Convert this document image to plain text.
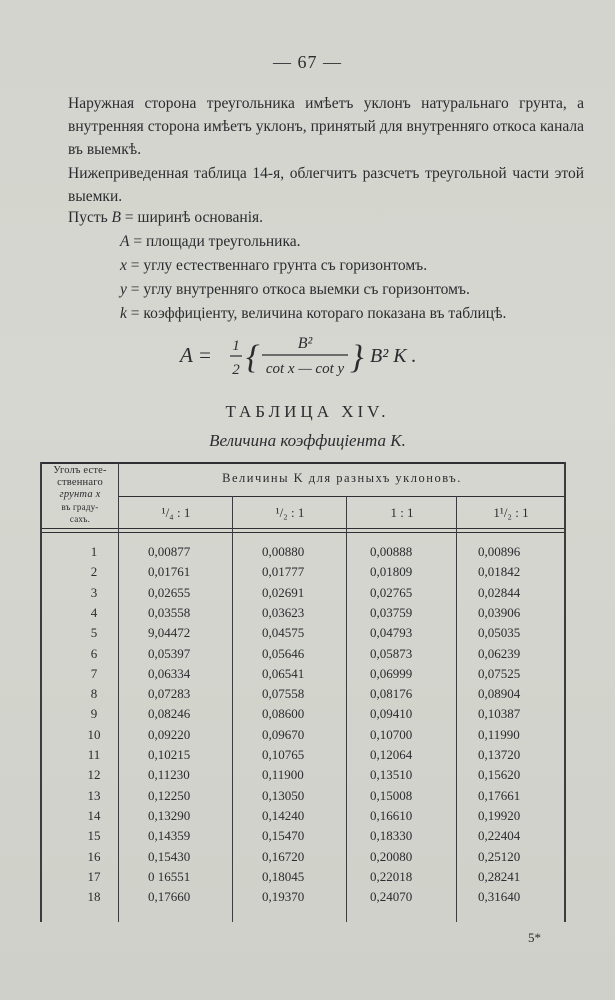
— 67 —
Наружная сторона треугольника имѣетъ уклонъ натуральнаго грунта, а внутренняя сторона имѣетъ уклонъ, принятый для внутренняго откоса канала въ выемкѣ.
Нижеприведенная таблица 14-я, облегчитъ разсчетъ треугольной части этой выемки.
Пусть B = ширинѣ основанія.
A = площади треугольника.
x = углу естественнаго грунта съ горизонтомъ.
y = углу внутренняго откоса выемки съ горизонтомъ.
k = коэффиціенту, величина котораго показана въ таблицѣ.
A = 1
2 { B²
cot x — cot y } B² K .
ТАБЛИЦА XIV.
Величина коэффиціента K.
Уголъ есте-
ственнаго
грунта x
въ граду-
сахъ.
Величины K для разныхъ уклоновъ.
¹/₄ : 1	¹/₂ : 1	1 : 1	1¹/₂ : 1
1	0,00877	0,00880	0,00888	0,00896
2	0,01761	0,01777	0,01809	0,01842
3	0,02655	0,02691	0,02765	0,02844
4	0,03558	0,03623	0,03759	0,03906
5	9,04472	0,04575	0,04793	0,05035
6	0,05397	0,05646	0,05873	0,06239
7	0,06334	0,06541	0,06999	0,07525
8	0,07283	0,07558	0,08176	0,08904
9	0,08246	0,08600	0,09410	0,10387
10	0,09220	0,09670	0,10700	0,11990
11	0,10215	0,10765	0,12064	0,13720
12	0,11230	0,11900	0,13510	0,15620
13	0,12250	0,13050	0,15008	0,17661
14	0,13290	0,14240	0,16610	0,19920
15	0,14359	0,15470	0,18330	0,22404
16	0,15430	0,16720	0,20080	0,25120
17	0 16551	0,18045	0,22018	0,28241
18	0,17660	0,19370	0,24070	0,31640
5*
